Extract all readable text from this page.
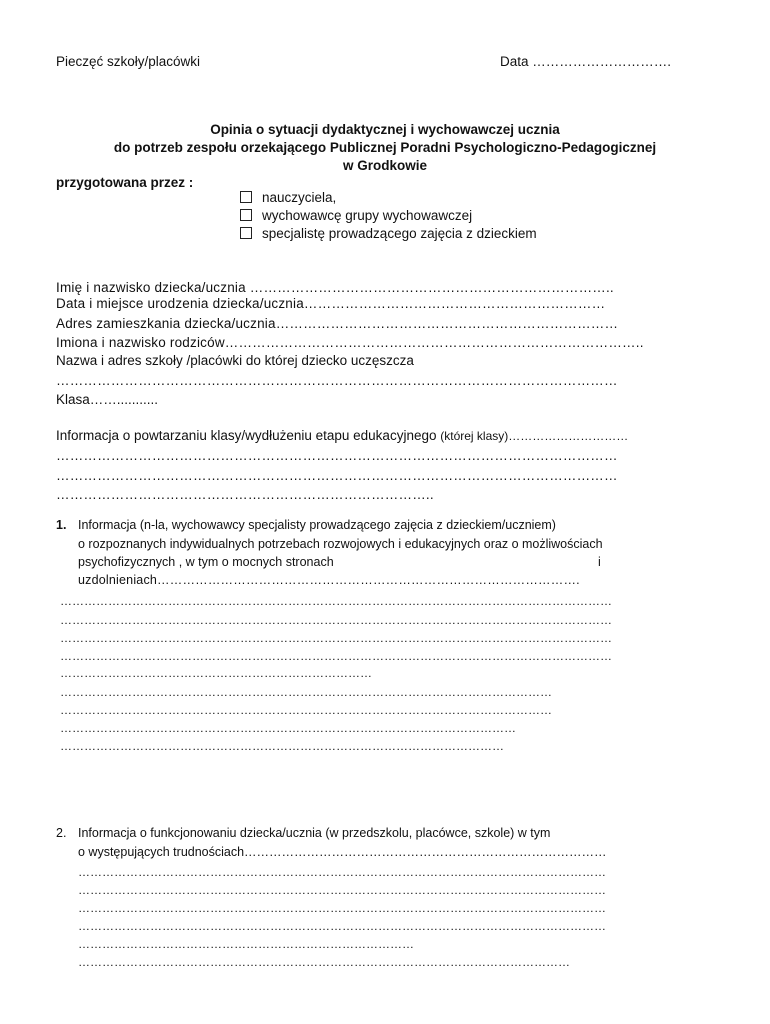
Pieczęć szkoły/placówki	Data ………………………….
Opinia o sytuacji dydaktycznej i wychowawczej ucznia
do potrzeb zespołu orzekającego Publicznej Poradni Psychologiczno-Pedagogicznej
w Grodkowie
przygotowana przez :
nauczyciela,
wychowawcę grupy wychowawczej
specjalistę prowadzącego zajęcia z dzieckiem
Imię i nazwisko dziecka/ucznia ……………………………………………………………………..
Data i miejsce urodzenia dziecka/ucznia…………………………………………………………
Adres zamieszkania dziecka/ucznia…………………………………………………………………
Imiona i nazwisko rodziców………………………………………………………………………………..
Nazwa i adres szkoły /placówki do której dziecko uczęszcza
……………………………………………………………………………………………………………
Klasa……...........
Informacja o powtarzaniu klasy/wydłużeniu etapu edukacyjnego (której klasy)…………………………
……………………………………………………………………………………………………………
……………………………………………………………………………………………………………
………………………………………………………………………..
1. Informacja (n-la, wychowawcy specjalisty prowadzącego zajęcia z dzieckiem/uczniem)
o rozpoznanych indywidualnych potrzebach rozwojowych i edukacyjnych oraz o możliwościach
psychofizycznych , w tym o mocnych stronach	i
uzdolnieniach……………………………………………………………………………………….
…………………………………………………………………………………………………………………………
…………………………………………………………………………………………………………………………
…………………………………………………………………………………………………………………………
…………………………………………………………………………………………………………………………
……………………………………………………………………
……………………………………………………………………………………………………………
……………………………………………………………………………………………………………
……………………………………………………………………………………………………
…………………………………………………………………………………………………
2. Informacja o funkcjonowaniu dziecka/ucznia (w przedszkolu, placówce, szkole) w tym
o występujących trudnościach……………………………………………………………………………
……………………………………………………………………………………………………………………
……………………………………………………………………………………………………………………
……………………………………………………………………………………………………………………
……………………………………………………………………………………………………………………
…………………………………………………………………………
……………………………………………………………………………………………………………
